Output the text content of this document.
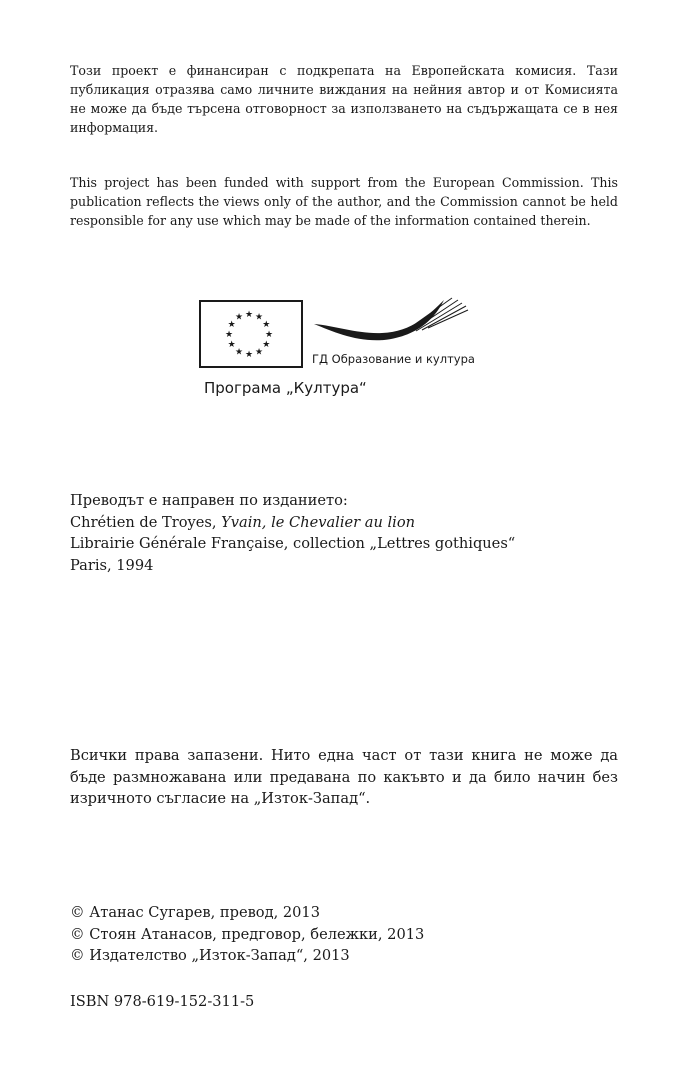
Този проект е финансиран с подкрепата на Европейската комисия. Тази публикация отразява само личните виждания на нейния автор и от Комисията не може да бъде търсена отговорност за използването на съдържащата се в нея информация.
This project has been funded with support from the European Commission. This publication reflects the views only of the author, and the Commission cannot be held responsible for any use which may be made of the information contained therein.
★ ★
★
★
★
★
★
★
★
★
★
★
ГД Образование и култура
Програма „Култура“
Преводът е направен по изданието:
Chrétien de Troyes, Yvain, le Chevalier au lion
Librairie Générale Française, collection „Lettres gothiques“
Paris, 1994
Всички права запазени. Нито една част от тази книга не може да бъде размножавана или предавана по какъвто и да било начин без изричното съгласие на „Изток-Запад“.
© Атанас Сугарев, превод, 2013
© Стоян Атанасов, предговор, бележки, 2013
© Издателство „Изток-Запад“, 2013
ISBN 978-619-152-311-5
